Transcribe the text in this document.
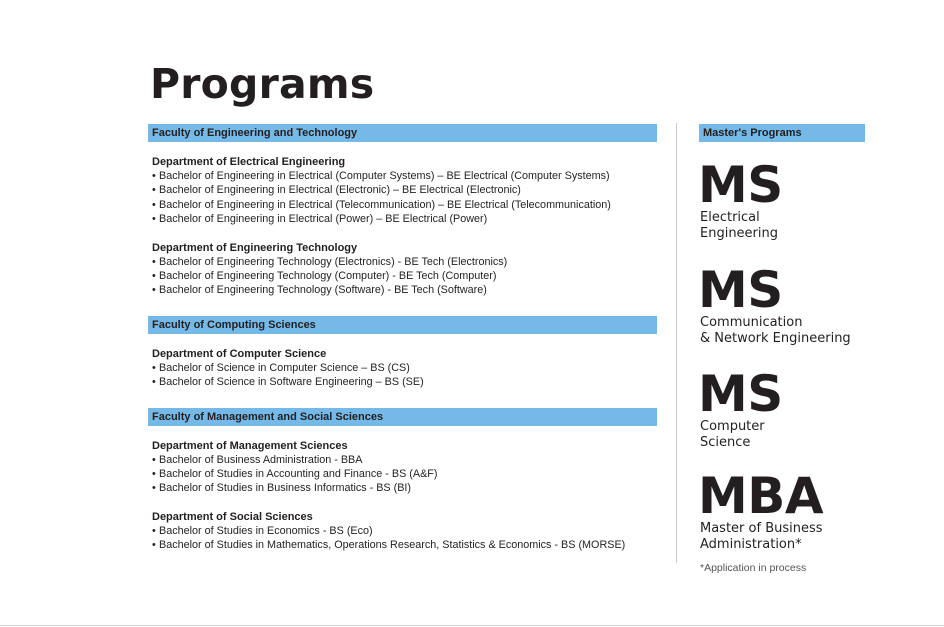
Programs
Faculty of Engineering and Technology
Department of Electrical Engineering
• Bachelor of Engineering in Electrical (Computer Systems) – BE Electrical (Computer Systems)
• Bachelor of Engineering in Electrical (Electronic) – BE Electrical (Electronic)
• Bachelor of Engineering in Electrical (Telecommunication) – BE Electrical (Telecommunication)
• Bachelor of Engineering in Electrical (Power) – BE Electrical (Power)
Department of Engineering Technology
• Bachelor of Engineering Technology (Electronics) - BE Tech (Electronics)
• Bachelor of Engineering Technology (Computer) - BE Tech (Computer)
• Bachelor of Engineering Technology (Software) - BE Tech (Software)
Faculty of Computing Sciences
Department of Computer Science
• Bachelor of Science in Computer Science – BS (CS)
• Bachelor of Science in Software Engineering – BS (SE)
Faculty of Management and Social Sciences
Department of Management Sciences
• Bachelor of Business Administration - BBA
• Bachelor of Studies in Accounting and Finance - BS (A&F)
• Bachelor of Studies in Business Informatics - BS (BI)
Department of Social Sciences
• Bachelor of Studies in Economics - BS (Eco)
• Bachelor of Studies in Mathematics, Operations Research, Statistics & Economics - BS (MORSE)
Master's Programs
MS
Electrical
Engineering
MS
Communication
& Network Engineering
MS
Computer
Science
MBA
Master of Business
Administration*
*Application in process
